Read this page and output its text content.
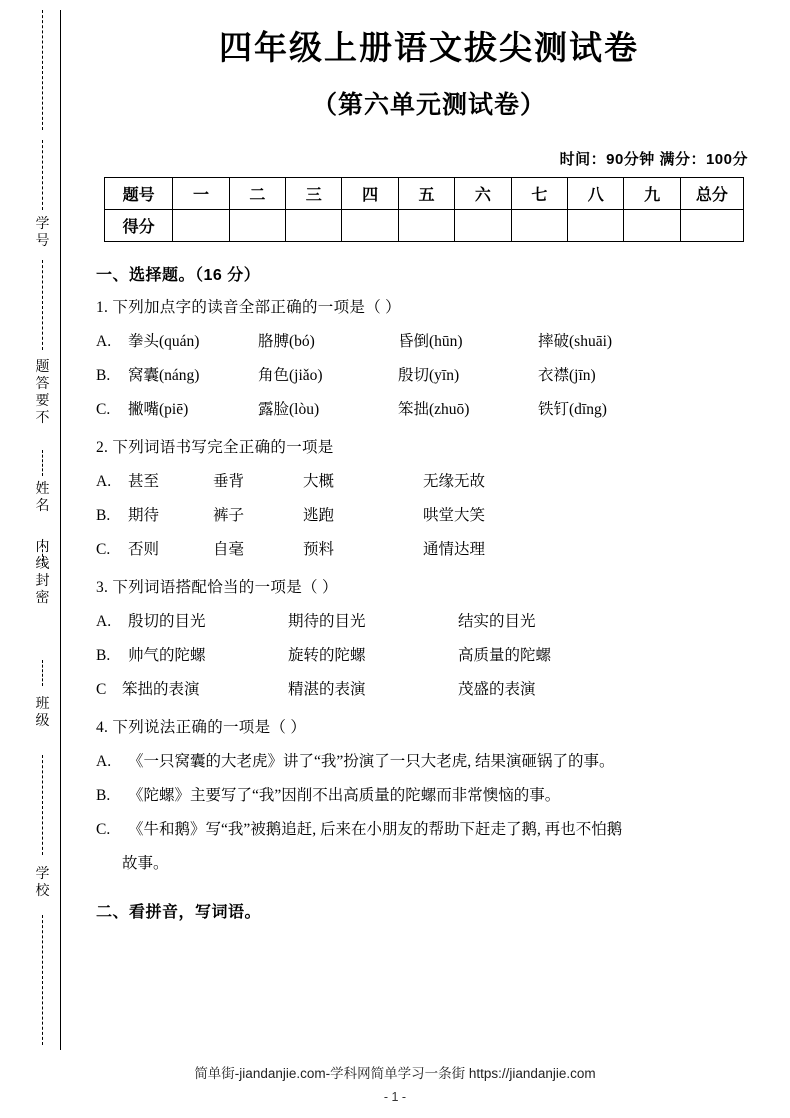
学
号
题
答
要
不
姓
名
内
线
封
密
班
级
学
校
四年级上册语文拔尖测试卷
（第六单元测试卷）
时间：90分钟 满分：100分
题号	一	二	三	四	五	六	七	八	九	总分
得分										
一、选择题。（16 分）
1. 下列加点字的读音全部正确的一项是（ ）
A. 拳头(quán)	胳膊(bó)	昏倒(hūn)	摔破(shuāi)
B. 窝囊(náng)	角色(jiǎo)	殷切(yīn)	衣襟(jīn)
C. 撇嘴(piē)	露脸(lòu)	笨拙(zhuō)	铁钉(dīng)
2. 下列词语书写完全正确的一项是
A. 甚至	垂背	大概	无缘无故
B. 期待	裤子	逃跑	哄堂大笑
C. 否则	自毫	预料	通情达理
3. 下列词语搭配恰当的一项是（ ）
A. 殷切的目光	期待的目光	结实的目光
B. 帅气的陀螺	旋转的陀螺	高质量的陀螺
C 笨拙的表演	精湛的表演	茂盛的表演
4. 下列说法正确的一项是（ ）
A. 《一只窝囊的大老虎》讲了“我”扮演了一只大老虎, 结果演砸锅了的事。
B. 《陀螺》主要写了“我”因削不出高质量的陀螺而非常懊恼的事。
C. 《牛和鹅》写“我”被鹅追赶, 后来在小朋友的帮助下赶走了鹅, 再也不怕鹅
故事。
二、看拼音，写词语。
简单街-jiandanjie.com-学科网简单学习一条街 https://jiandanjie.com
- 1 -
